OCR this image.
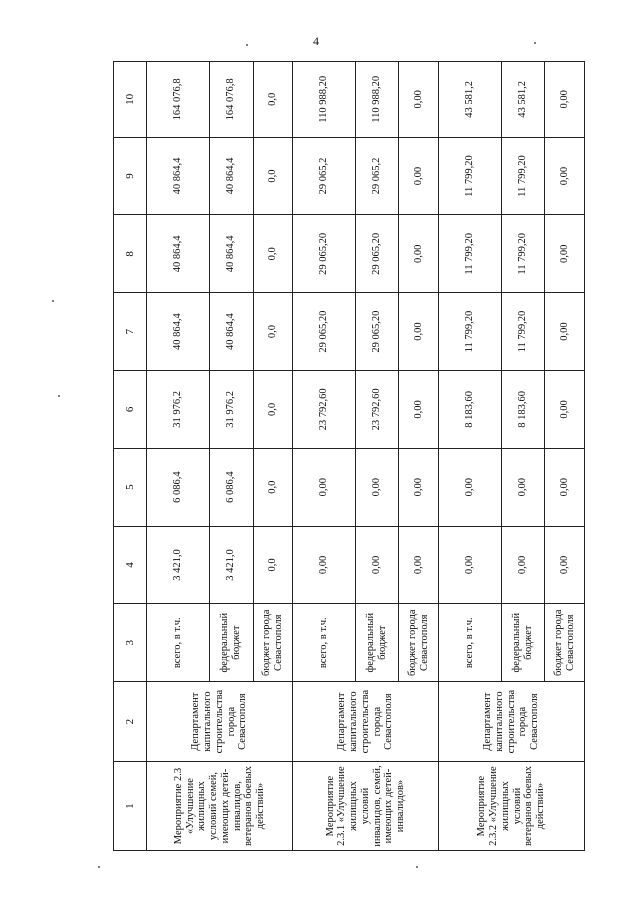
4
1	2	3	4	5	6	7	8	9	10
Мероприятие 2.3 «Улучшение жилищных условий семей, имеющих детей-инвалидов, ветеранов боевых действий»	Департамент капитального строительства города Севастополя	всего, в т.ч.	3 421,0	6 086,4	31 976,2	40 864,4	40 864,4	40 864,4	164 076,8
		федеральный бюджет	3 421,0	6 086,4	31 976,2	40 864,4	40 864,4	40 864,4	164 076,8
		бюджет города Севастополя	0,0	0,0	0,0	0,0	0,0	0,0	0,0
Мероприятие 2.3.1 «Улучшение жилищных условий инвалидов, семей, имеющих детей-инвалидов»	Департамент капитального строительства города Севастополя	всего, в т.ч.	0,00	0,00	23 792,60	29 065,20	29 065,20	29 065,2	110 988,20
		федеральный бюджет	0,00	0,00	23 792,60	29 065,20	29 065,20	29 065,2	110 988,20
		бюджет города Севастополя	0,00	0,00	0,00	0,00	0,00	0,00	0,00
Мероприятие 2.3.2 «Улучшение жилищных условий ветеранов боевых действий»	Департамент капитального строительства города Севастополя	всего, в т.ч.	0,00	0,00	8 183,60	11 799,20	11 799,20	11 799,20	43 581,2
		федеральный бюджет	0,00	0,00	8 183,60	11 799,20	11 799,20	11 799,20	43 581,2
		бюджет города Севастополя	0,00	0,00	0,00	0,00	0,00	0,00	0,00
